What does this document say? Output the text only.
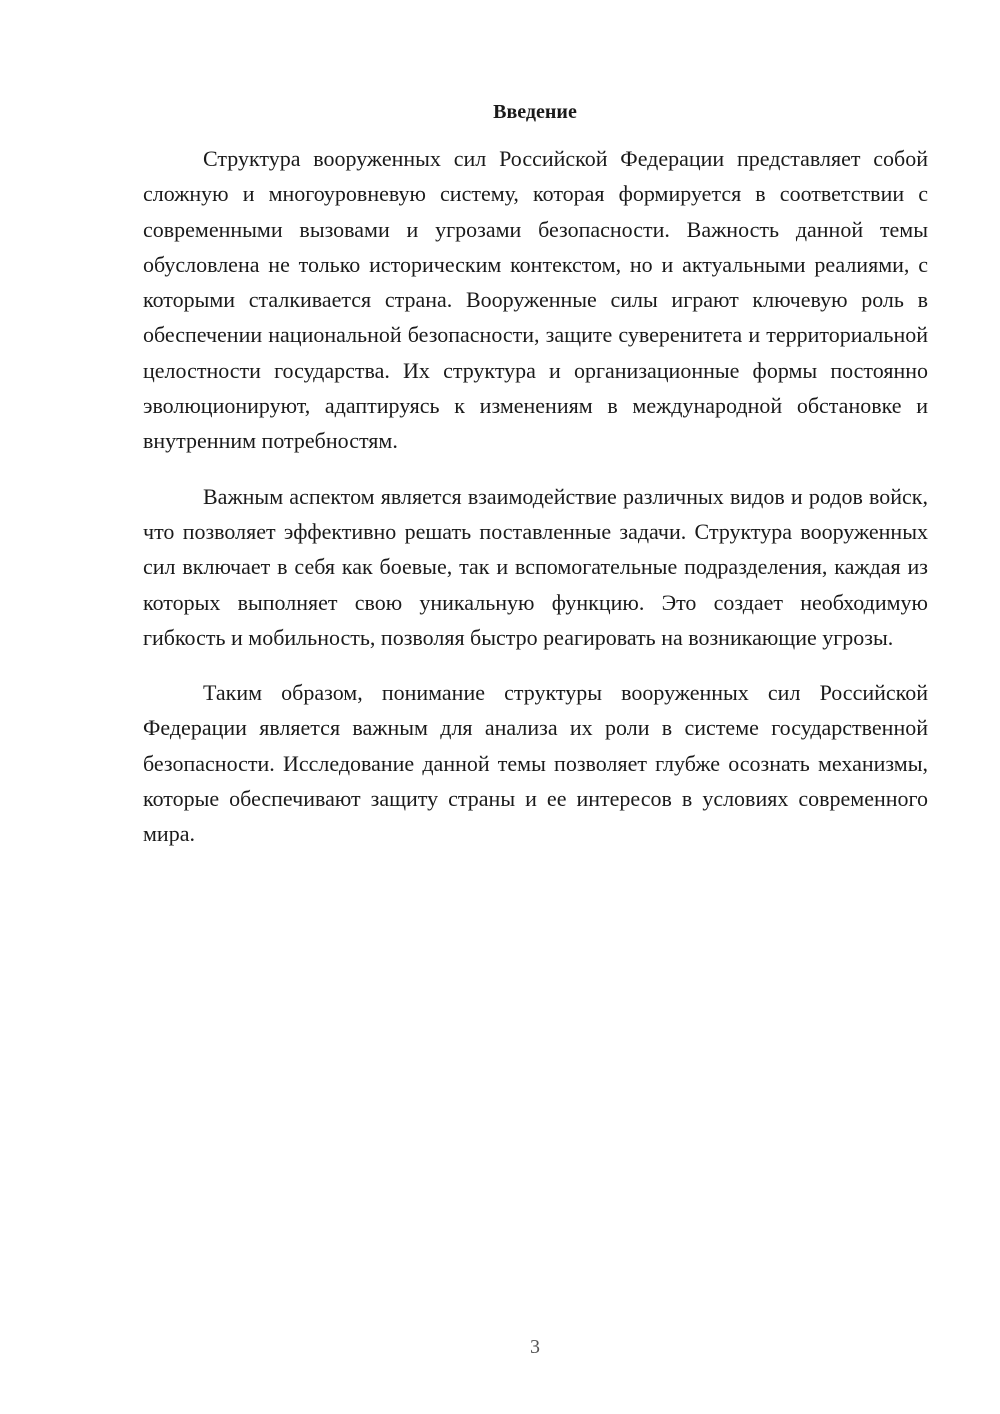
Введение

Структура вооруженных сил Российской Федерации представляет собой сложную и многоуровневую систему, которая формируется в соответствии с современными вызовами и угрозами безопасности. Важность данной темы обусловлена не только историческим контекстом, но и актуальными реалиями, с которыми сталкивается страна. Вооруженные силы играют ключевую роль в обеспечении национальной безопасности, защите суверенитета и территориальной целостности государства. Их структура и организационные формы постоянно эволюционируют, адаптируясь к изменениям в международной обстановке и внутренним потребностям.

Важным аспектом является взаимодействие различных видов и родов войск, что позволяет эффективно решать поставленные задачи. Структура вооруженных сил включает в себя как боевые, так и вспомогательные подразделения, каждая из которых выполняет свою уникальную функцию. Это создает необходимую гибкость и мобильность, позволяя быстро реагировать на возникающие угрозы.

Таким образом, понимание структуры вооруженных сил Российской Федерации является важным для анализа их роли в системе государственной безопасности. Исследование данной темы позволяет глубже осознать механизмы, которые обеспечивают защиту страны и ее интересов в условиях современного мира.

3
